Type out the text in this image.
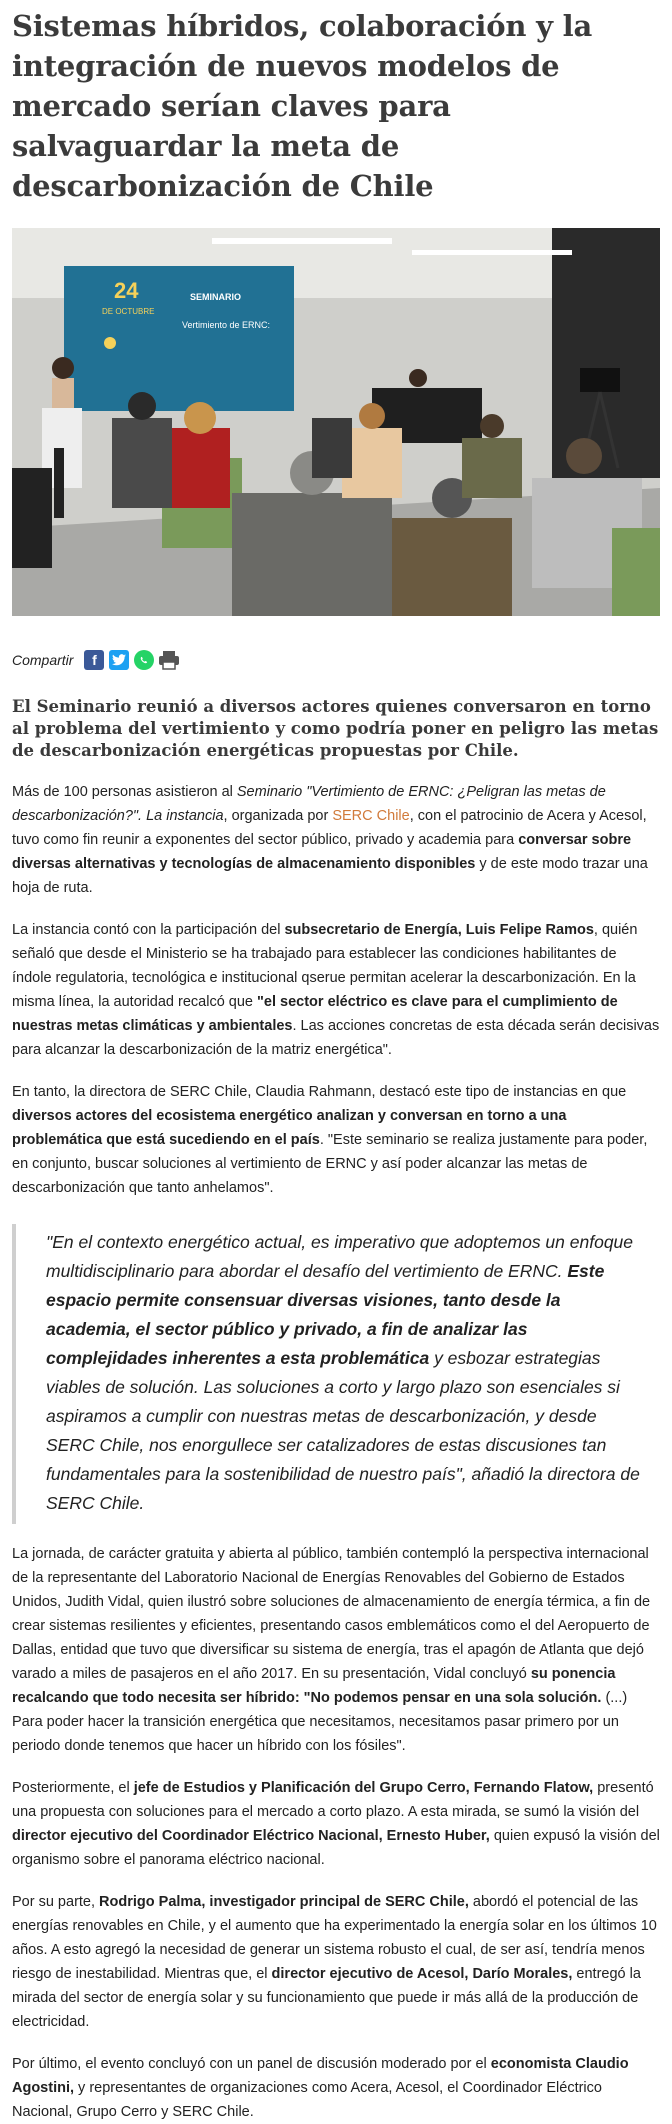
Sistemas híbridos, colaboración y la integración de nuevos modelos de mercado serían claves para salvaguardar la meta de descarbonización de Chile
24
DE OCTUBRE
SEMINARIO
Vertimiento de ERNC:
Compartir	f
El Seminario reunió a diversos actores quienes conversaron en torno al problema del vertimiento y como podría poner en peligro las metas de descarbonización energéticas propuestas por Chile.

Más de 100 personas asistieron al Seminario "Vertimiento de ERNC: ¿Peligran las metas de descarbonización?". La instancia, organizada por SERC Chile, con el patrocinio de Acera y Acesol, tuvo como fin reunir a exponentes del sector público, privado y academia para conversar sobre diversas alternativas y tecnologías de almacenamiento disponibles y de este modo trazar una hoja de ruta.

La instancia contó con la participación del subsecretario de Energía, Luis Felipe Ramos, quién señaló que desde el Ministerio se ha trabajado para establecer las condiciones habilitantes de índole regulatoria, tecnológica e institucional qserue permitan acelerar la descarbonización. En la misma línea, la autoridad recalcó que "el sector eléctrico es clave para el cumplimiento de nuestras metas climáticas y ambientales. Las acciones concretas de esta década serán decisivas para alcanzar la descarbonización de la matriz energética".

En tanto, la directora de SERC Chile, Claudia Rahmann, destacó este tipo de instancias en que diversos actores del ecosistema energético analizan y conversan en torno a una problemática que está sucediendo en el país. "Este seminario se realiza justamente para poder, en conjunto, buscar soluciones al vertimiento de ERNC y así poder alcanzar las metas de descarbonización que tanto anhelamos".

"En el contexto energético actual, es imperativo que adoptemos un enfoque multidisciplinario para abordar el desafío del vertimiento de ERNC. Este espacio permite consensuar diversas visiones, tanto desde la academia, el sector público y privado, a fin de analizar las complejidades inherentes a esta problemática y esbozar estrategias viables de solución. Las soluciones a corto y largo plazo son esenciales si aspiramos a cumplir con nuestras metas de descarbonización, y desde SERC Chile, nos enorgullece ser catalizadores de estas discusiones tan fundamentales para la sostenibilidad de nuestro país", añadió la directora de SERC Chile.

La jornada, de carácter gratuita y abierta al público, también contempló la perspectiva internacional de la representante del Laboratorio Nacional de Energías Renovables del Gobierno de Estados Unidos, Judith Vidal, quien ilustró sobre soluciones de almacenamiento de energía térmica, a fin de crear sistemas resilientes y eficientes, presentando casos emblemáticos como el del Aeropuerto de Dallas, entidad que tuvo que diversificar su sistema de energía, tras el apagón de Atlanta que dejó varado a miles de pasajeros en el año 2017. En su presentación, Vidal concluyó su ponencia recalcando que todo necesita ser híbrido: "No podemos pensar en una sola solución. (...) Para poder hacer la transición energética que necesitamos, necesitamos pasar primero por un periodo donde tenemos que hacer un híbrido con los fósiles".

Posteriormente, el jefe de Estudios y Planificación del Grupo Cerro, Fernando Flatow, presentó una propuesta con soluciones para el mercado a corto plazo. A esta mirada, se sumó la visión del director ejecutivo del Coordinador Eléctrico Nacional, Ernesto Huber, quien expusó la visión del organismo sobre el panorama eléctrico nacional.

Por su parte, Rodrigo Palma, investigador principal de SERC Chile, abordó el potencial de las energías renovables en Chile, y el aumento que ha experimentado la energía solar en los últimos 10 años. A esto agregó la necesidad de generar un sistema robusto el cual, de ser así, tendría menos riesgo de inestabilidad. Mientras que, el director ejecutivo de Acesol, Darío Morales, entregó la mirada del sector de energía solar y su funcionamiento que puede ir más allá de la producción de electricidad.

Por último, el evento concluyó con un panel de discusión moderado por el economista Claudio Agostini, y representantes de organizaciones como Acera, Acesol, el Coordinador Eléctrico Nacional, Grupo Cerro y SERC Chile.
